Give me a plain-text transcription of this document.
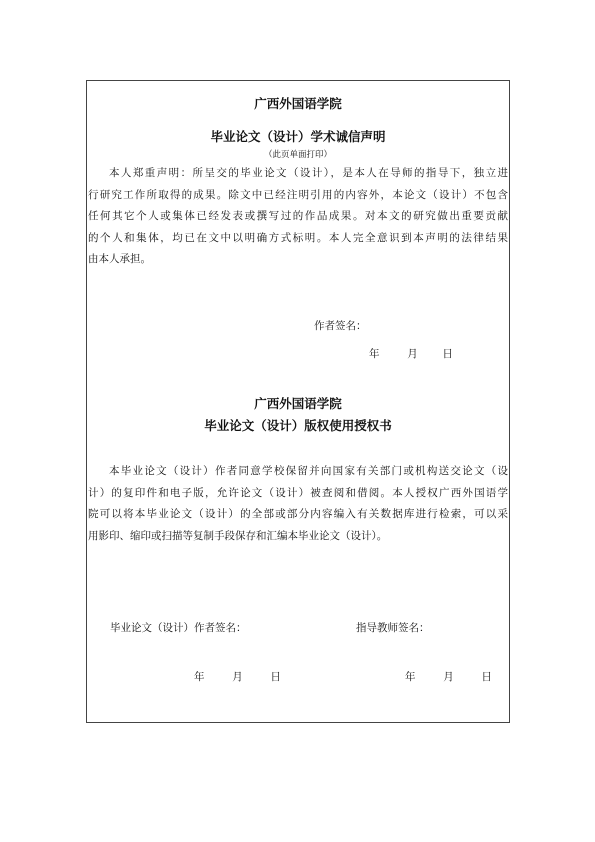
广西外国语学院
毕业论文（设计）学术诚信声明
（此页单面打印）
本人郑重声明：所呈交的毕业论文（设计），是本人在导师的指导下，独立进
行研究工作所取得的成果。除文中已经注明引用的内容外，本论文（设计）不包含
任何其它个人或集体已经发表或撰写过的作品成果。对本文的研究做出重要贡献
的个人和集体，均已在文中以明确方式标明。本人完全意识到本声明的法律结果
由本人承担。
作者签名：
年	月 日
广西外国语学院
毕业论文（设计）版权使用授权书
本毕业论文（设计）作者同意学校保留并向国家有关部门或机构送交论文（设
计）的复印件和电子版，允许论文（设计）被查阅和借阅。本人授权广西外国语学
院可以将本毕业论文（设计）的全部或部分内容编入有关数据库进行检索，可以采
用影印、缩印或扫描等复制手段保存和汇编本毕业论文（设计）。
毕业论文（设计）作者签名：	指导教师签名：
年	月	日	年	月	日
